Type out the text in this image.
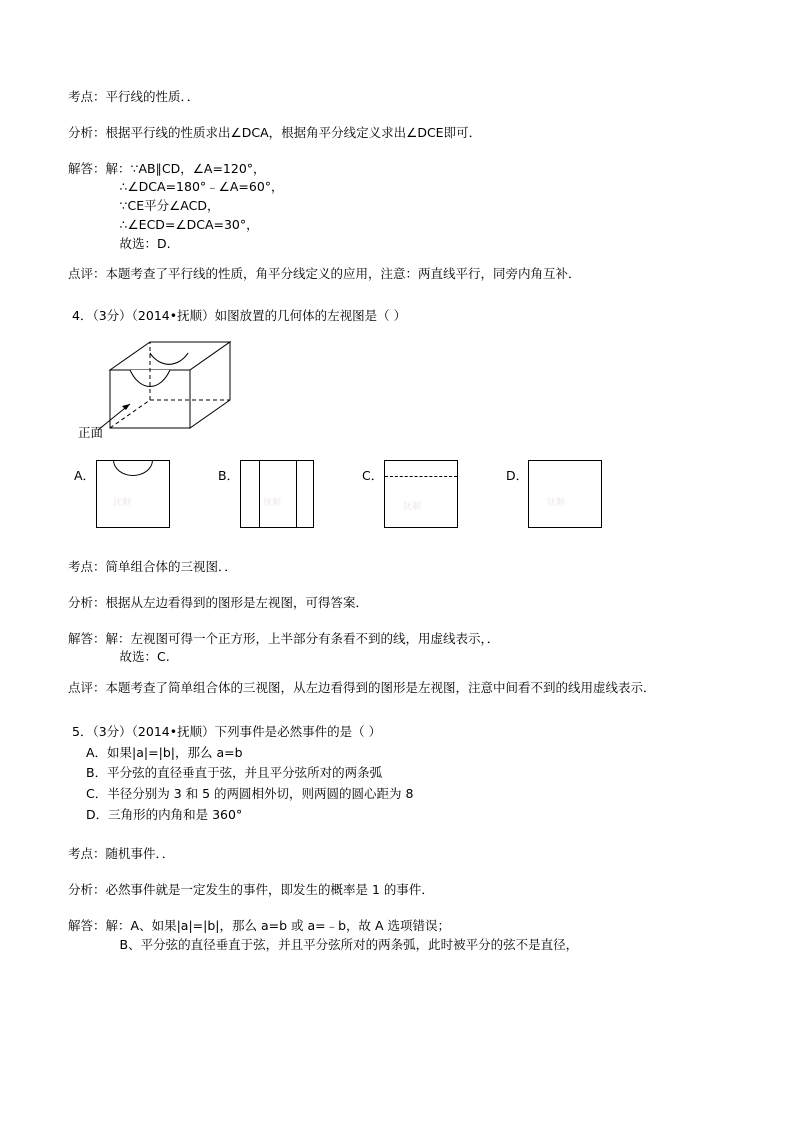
考点： 平行线的性质．．
分析： 根据平行线的性质求出∠DCA，根据角平分线定义求出∠DCE即可．
解答： 解：∵AB∥CD，∠A=120°，
∴∠DCA=180°﹣∠A=60°，
∵CE平分∠ACD，
∴∠ECD=∠DCA=30°，
故选：D.
点评： 本题考查了平行线的性质，角平分线定义的应用，注意：两直线平行，同旁内角互补．
4．（3分）（2014•抚顺）如图放置的几何体的左视图是（ ）
正面
A．
抚顺
B．
抚顺
C．
抚顺
D．
抚顺
考点： 简单组合体的三视图．．
分析： 根据从左边看得到的图形是左视图，可得答案．
解答： 解：左视图可得一个正方形，上半部分有条看不到的线，用虚线表示，．
故选：C.
点评： 本题考查了简单组合体的三视图，从左边看得到的图形是左视图，注意中间看不到的线用虚线表示．
5．（3分）（2014•抚顺）下列事件是必然事件的是（ ）
A．如果|a|=|b|，那么 a=b
B．平分弦的直径垂直于弦，并且平分弦所对的两条弧
C．半径分别为 3 和 5 的两圆相外切，则两圆的圆心距为 8
D．三角形的内角和是 360°
考点： 随机事件．．
分析： 必然事件就是一定发生的事件，即发生的概率是 1 的事件．
解答： 解：A、如果|a|=|b|，那么 a=b 或 a=﹣b，故 A 选项错误；
B、平分弦的直径垂直于弦，并且平分弦所对的两条弧，此时被平分的弦不是直径，
